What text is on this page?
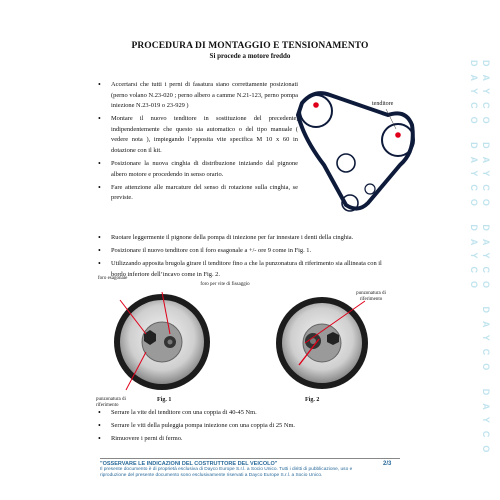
PROCEDURA DI MONTAGGIO E TENSIONAMENTO
Si procede a motore freddo
DAYCO DAYCO DAYCO DAYCO DAYCO DAYCO DAYCO DAYCO
• Accertarsi che tutti i perni di fasatura siano correttamente posizionati (perno volano N.23-020 ; perno albero a camme N.21-123, perno pompa iniezione N.23-019 o 23-929 )
• Montare il nuovo tenditore in sostituzione del precedente, indipendentemente che questo sia automatico o del tipo manuale ( vedere nota ), impiegando l’apposita vite specifica M 10 x 60 in dotazione con il kit.
• Posizionare la nuova cinghia di distribuzione iniziando dal pignone albero motore e procedendo in senso orario.
• Fare attenzione alle marcature del senso di rotazione sulla cinghia, se previste.
tenditore
• Ruotare leggermente il pignone della pompa di iniezione per far innestare i denti della cinghia.
• Posizionare il nuovo tenditore con il foro esagonale a +/- ore 9 come in Fig. 1.
• Utilizzando apposita brugola girare il tenditore fino a che la punzonatura di riferimento sia allineata con il bordo inferiore dell’incavo come in Fig. 2.
foro esagonale
foro per vite di fissaggio
punzonatura di riferimento
Fig. 1
punzonatura di riferimento
Fig. 2
• Serrare la vite del tenditore con una coppia di 40-45 Nm.
• Serrare le viti della puleggia pompa iniezione con una coppia di 25 Nm.
• Rimuovere i perni di fermo.
"OSSERVARE LE INDICAZIONI DEL COSTRUTTORE DEL VEICOLO"
Il presente documento è di proprietà esclusiva di Dayco Europe S.r.l. a Socio Unico. Tutti i diritti di pubblicazione, uso e
riproduzione del presente documento sono esclusivamente riservati a Dayco Europe S.r.l. a Socio Unico.
2/3
